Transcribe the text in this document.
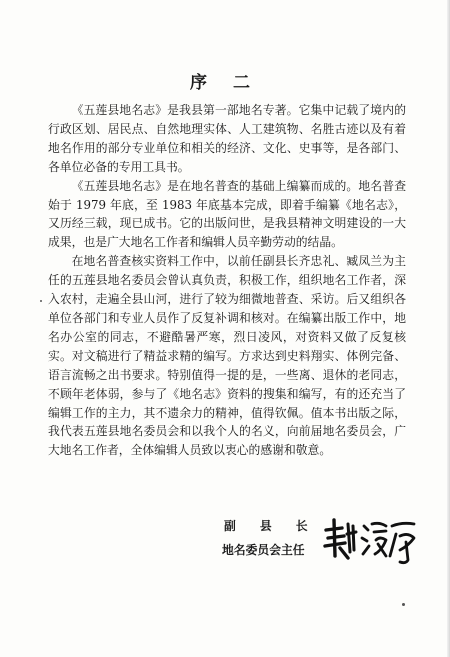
序 二

《五莲县地名志》是我县第一部地名专著。它集中记载了境内的行政区划、居民点、自然地理实体、人工建筑物、名胜古迹以及有着地名作用的部分专业单位和相关的经济、文化、史事等，是各部门、各单位必备的专用工具书。

《五莲县地名志》是在地名普查的基础上编纂而成的。地名普查始于 1979 年底，至 1983 年底基本完成，即着手编纂《地名志》，又历经三载，现已成书。它的出版问世，是我县精神文明建设的一大成果，也是广大地名工作者和编辑人员辛勤劳动的结晶。

在地名普查核实资料工作中，以前任副县长齐忠礼、臧凤兰为主任的五莲县地名委员会曾认真负责，积极工作，组织地名工作者，深入农村，走遍全县山河，进行了较为细微地普查、采访。后又组织各单位各部门和专业人员作了反复补调和核对。在编纂出版工作中，地名办公室的同志，不避酷暑严寒，烈日凌风，对资料又做了反复核实。对文稿进行了精益求精的编写。方求达到史料翔实、体例完备、语言流畅之出书要求。特别值得一提的是，一些离、退休的老同志，不顾年老体弱，参与了《地名志》资料的搜集和编写，有的还充当了编辑工作的主力，其不遗余力的精神，值得钦佩。值本书出版之际，我代表五莲县地名委员会和以我个人的名义，向前届地名委员会，广大地名工作者，全体编辑人员致以衷心的感谢和敬意。

副 县 长
地名委员会主任
